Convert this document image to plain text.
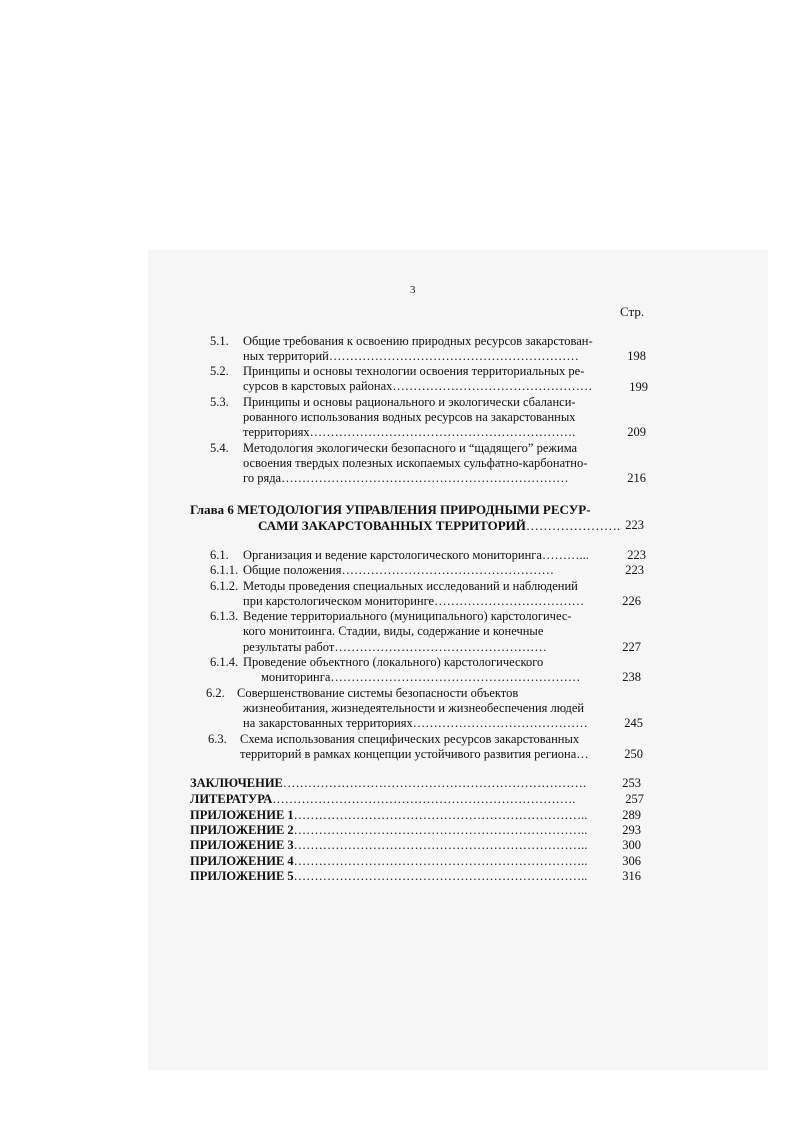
3
Стр.
5.1. Общие требования к освоению природных ресурсов закарстован-
ных территорий……………………………………………………	198
5.2. Принципы и основы технологии освоения территориальных ре-
сурсов в карстовых районах…………………………………………	199
5.3. Принципы и основы рационального и экологически сбаланси-
рованного использования водных ресурсов на закарстованных
территориях……………………………………………………….	209
5.4. Методология экологически безопасного и “щадящего” режима
освоения твердых полезных ископаемых сульфатно-карбонатно-
го ряда……………………………………………………………	216
Глава 6 МЕТОДОЛОГИЯ УПРАВЛЕНИЯ ПРИРОДНЫМИ РЕСУР-
САМИ ЗАКАРСТОВАННЫХ ТЕРРИТОРИЙ…………………. 223
6.1. Организация и ведение карстологического мониторинга………...	223
6.1.1. Общие положения……………………………………………	223
6.1.2. Методы проведения специальных исследований и наблюдений
при карстологическом мониторинге………………………………	226
6.1.3. Ведение территориального (муниципального) карстологичес-
кого монитоинга. Стадии, виды, содержание и конечные
результаты работ……………………………………………	227
6.1.4. Проведение объектного (локального) карстологического
мониторинга……………………………………………………	238
6.2. Совершенствование системы безопасности объектов
жизнеобитания, жизнедеятельности и жизнеобеспечения людей
на закарстованных территориях……………………………………	245
6.3. Схема использования специфических ресурсов закарстованных
территорий в рамках концепции устойчивого развития региона…	250
ЗАКЛЮЧЕНИЕ……………………………………………………………….	253
ЛИТЕРАТУРА……………………………………………………………….	257
ПРИЛОЖЕНИЕ 1……………………………………………………………..	289
ПРИЛОЖЕНИЕ 2……………………………………………………………..	293
ПРИЛОЖЕНИЕ 3……………………………………………………………..	300
ПРИЛОЖЕНИЕ 4……………………………………………………………..	306
ПРИЛОЖЕНИЕ 5……………………………………………………………..	316
